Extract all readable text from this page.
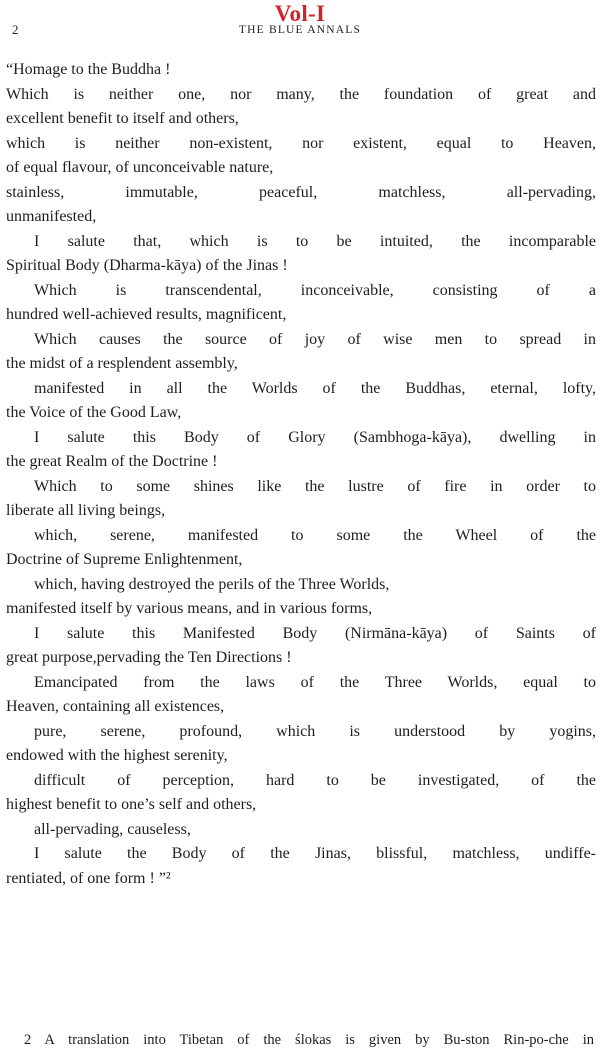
Vol-I
2	THE BLUE ANNALS
“Homage to the Buddha !
Which is neither one, nor many, the foundation of great and
excellent benefit to itself and others,
which is neither non-existent, nor existent, equal to Heaven,
of equal flavour, of unconceivable nature,
stainless, immutable, peaceful, matchless, all-pervading,
unmanifested,
I salute that, which is to be intuited, the incomparable
Spiritual Body (Dharma-kāya) of the Jinas !
Which is transcendental, inconceivable, consisting of a
hundred well-achieved results, magnificent,
Which causes the source of joy of wise men to spread in
the midst of a resplendent assembly,
manifested in all the Worlds of the Buddhas, eternal, lofty,
the Voice of the Good Law,
I salute this Body of Glory (Sambhoga-kāya), dwelling in
the great Realm of the Doctrine !
Which to some shines like the lustre of fire in order to
liberate all living beings,
which, serene, manifested to some the Wheel of the
Doctrine of Supreme Enlightenment,
which, having destroyed the perils of the Three Worlds,
manifested itself by various means, and in various forms,
I salute this Manifested Body (Nirmāna-kāya) of Saints of
great purpose,pervading the Ten Directions !
Emancipated from the laws of the Three Worlds, equal to
Heaven, containing all existences,
pure, serene, profound, which is understood by yogins,
endowed with the highest serenity,
difficult of perception, hard to be investigated, of the
highest benefit to one’s self and others,
all-pervading, causeless,
I salute the Body of the Jinas, blissful, matchless, undiffe-
rentiated, of one form ! ”²
2 A translation into Tibetan of the ślokas is given by Bu-ston Rin-po-che in
